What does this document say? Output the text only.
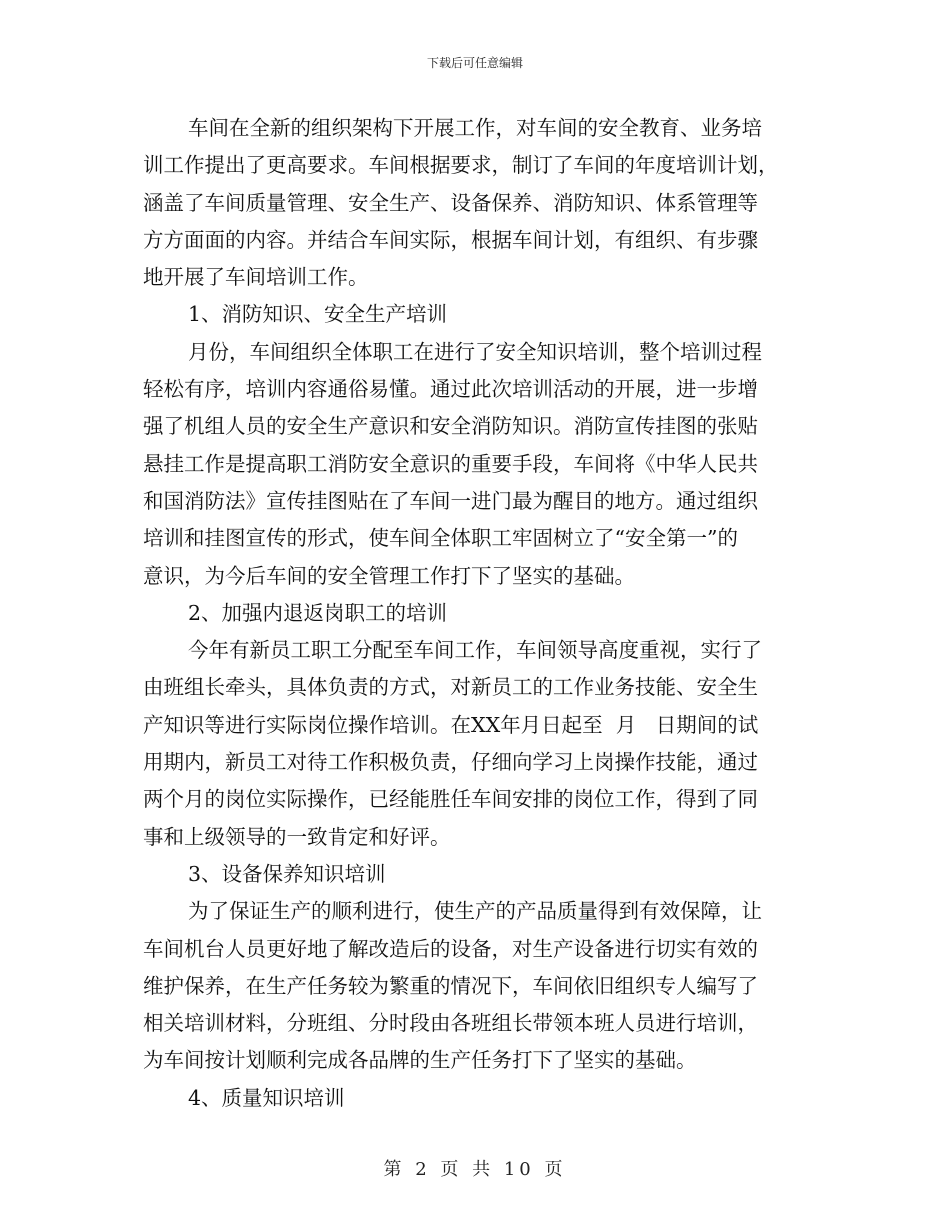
下载后可任意编辑
车间在全新的组织架构下开展工作，对车间的安全教育、业务培
训工作提出了更高要求。车间根据要求，制订了车间的年度培训计划，
涵盖了车间质量管理、安全生产、设备保养、消防知识、体系管理等
方方面面的内容。并结合车间实际，根据车间计划，有组织、有步骤
地开展了车间培训工作。
1、消防知识、安全生产培训
月份，车间组织全体职工在进行了安全知识培训，整个培训过程
轻松有序，培训内容通俗易懂。通过此次培训活动的开展，进一步增
强了机组人员的安全生产意识和安全消防知识。消防宣传挂图的张贴
悬挂工作是提高职工消防安全意识的重要手段，车间将《中华人民共
和国消防法》宣传挂图贴在了车间一进门最为醒目的地方。通过组织
培训和挂图宣传的形式，使车间全体职工牢固树立了“安全第一”的
意识，为今后车间的安全管理工作打下了坚实的基础。
2、加强内退返岗职工的培训
今年有新员工职工分配至车间工作，车间领导高度重视，实行了
由班组长牵头，具体负责的方式，对新员工的工作业务技能、安全生
产知识等进行实际岗位操作培训。在XX年月日起至  月   日期间的试
用期内，新员工对待工作积极负责，仔细向学习上岗操作技能，通过
两个月的岗位实际操作，已经能胜任车间安排的岗位工作，得到了同
事和上级领导的一致肯定和好评。
3、设备保养知识培训
为了保证生产的顺利进行，使生产的产品质量得到有效保障，让
车间机台人员更好地了解改造后的设备，对生产设备进行切实有效的
维护保养，在生产任务较为繁重的情况下，车间依旧组织专人编写了
相关培训材料，分班组、分时段由各班组长带领本班人员进行培训，
为车间按计划顺利完成各品牌的生产任务打下了坚实的基础。
4、质量知识培训
第 2 页 共 10 页
